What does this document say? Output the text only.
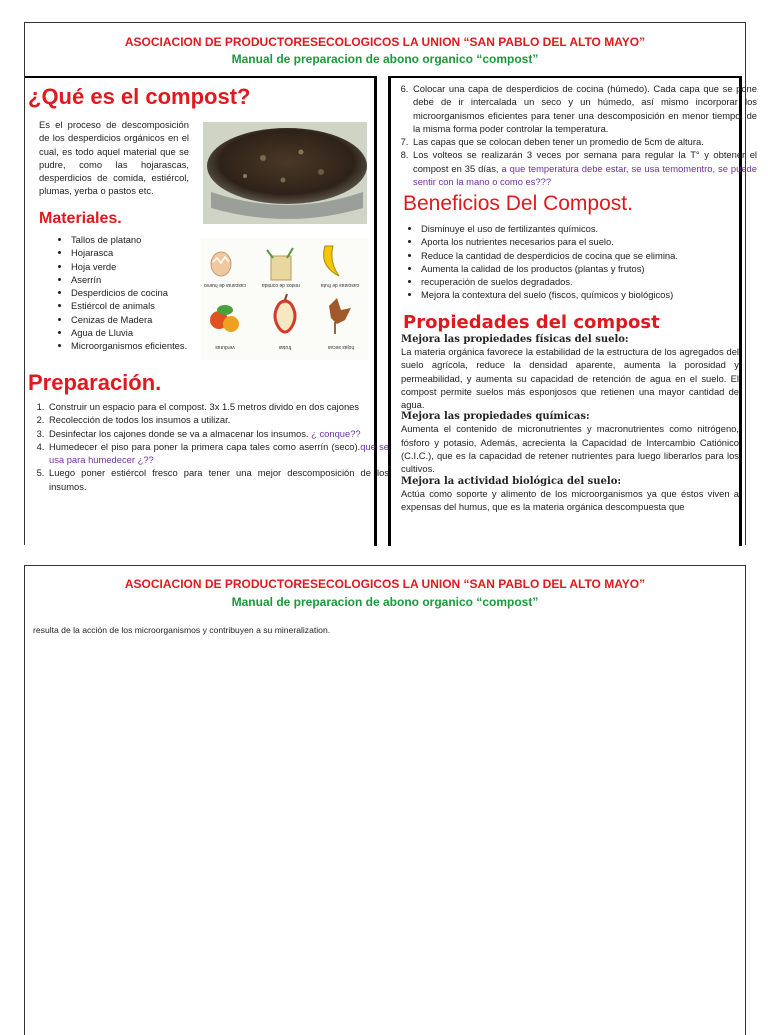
ASOCIACION DE PRODUCTORESECOLOGICOS LA UNION “SAN PABLO DEL ALTO MAYO”
Manual de preparacion de abono organico “compost”
¿Qué es el compost?

Es el proceso de descomposición de los desperdicios orgánicos en el cual, es todo aquel material que se pudre, como las hojarascas, desperdicios de comida, estiércol, plumas, yerba o pastos etc.

Materiales.
• Tallos de platano
• Hojarasca
• Hoja verde
• Aserrín
• Desperdicios de cocina
• Estiércol de animals
• Cenizas de Madera
• Agua de Lluvia
• Microorganismos eficientes.
cascaras de huevo	restos de comida	cascaras de fruta
verduras	frutas	hojas secas
Preparación.
1. Construir un espacio para el compost. 3x 1.5 metros divido en dos cajones
2. Recolección de todos los insumos a utilizar.
3. Desinfectar los cajones donde se va a almacenar los insumos. ¿ conque??
4. Humedecer el piso para poner la primera capa tales como aserrín (seco).que se usa para humedecer ¿??
5. Luego poner estiércol fresco para tener una mejor descomposición de los insumos.
6. Colocar una capa de desperdicios de cocina (húmedo). Cada capa que se pone debe de ir intercalada un seco y un húmedo, así mismo incorporar los microorganismos eficientes para tener una descomposición en menor tiempo, de la misma forma poder controlar la temperatura.
7. Las capas que se colocan deben tener un promedio de 5cm de altura.
8. Los volteos se realizarán 3 veces por semana para regular la T° y obtener el compost en 35 días, a que temperatura debe estar, se usa temomentro, se puede sentir con la mano o como es???
Beneficios Del Compost.
• Disminuye el uso de fertilizantes químicos.
• Aporta los nutrientes necesarios para el suelo.
• Reduce la cantidad de desperdicios de cocina que se elimina.
• Aumenta la calidad de los productos (plantas y frutos)
• recuperación de suelos degradados.
• Mejora la contextura del suelo (fiscos, químicos y biológicos)
Propiedades del compost
Mejora las propiedades físicas del suelo:

La materia orgánica favorece la estabilidad de la estructura de los agregados del suelo agrícola, reduce la densidad aparente, aumenta la porosidad y permeabilidad, y aumenta su capacidad de retención de agua en el suelo. El compost permite suelos más esponjosos que retienen una mayor cantidad de agua.

Mejora las propiedades químicas:

Aumenta el contenido de micronutrientes y macronutrientes como nitrógeno, fósforo y potasio, Además, acrecienta la Capacidad de Intercambio Catiónico (C.I.C.), que es la capacidad de retener nutrientes para luego liberarlos para los cultivos.

Mejora la actividad biológica del suelo:

Actúa como soporte y alimento de los microorganismos ya que éstos viven a expensas del humus, que es la materia orgánica descompuesta que

ASOCIACION DE PRODUCTORESECOLOGICOS LA UNION “SAN PABLO DEL ALTO MAYO”
Manual de preparacion de abono organico “compost”

resulta de la acción de los microorganismos y contribuyen a su mineralization.
